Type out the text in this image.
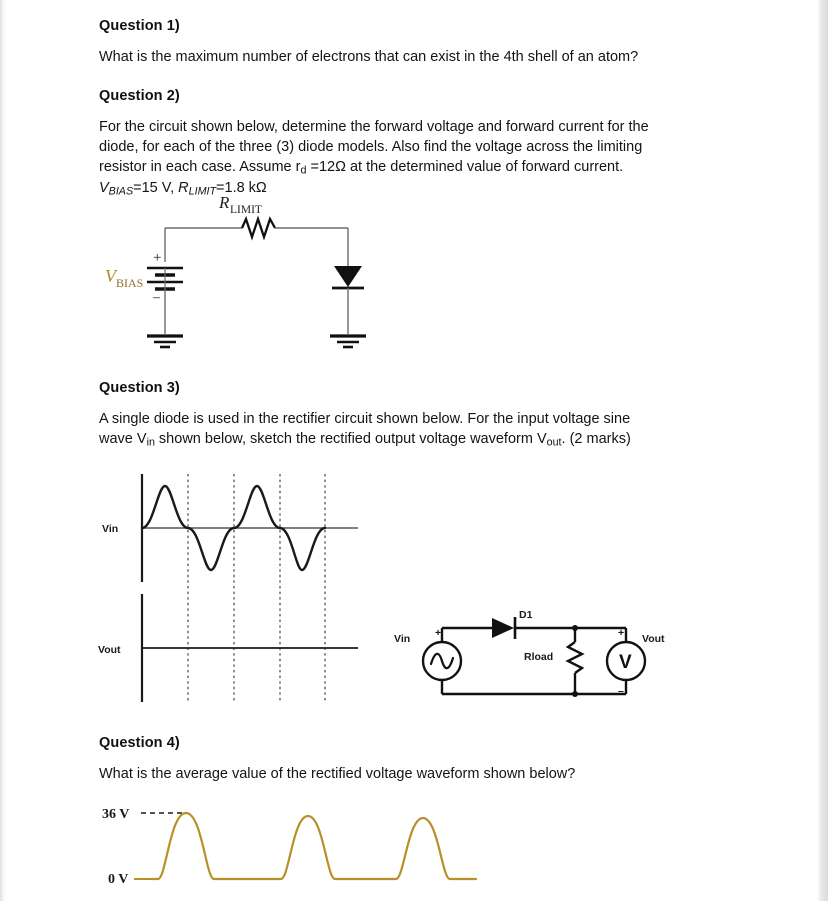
Question 1)
What is the maximum number of electrons that can exist in the 4th shell of an atom?
Question 2)
For the circuit shown below, determine the forward voltage and forward current for the
diode, for each of the three (3) diode models. Also find the voltage across the limiting
resistor in each case. Assume $r_d =12\Omega$ at the determined value of forward current.
$V_{BIAS}=15$ V, $R_{LIMIT}=1.8$ kΩ
R LIMIT
+
–
V BIAS
Question 3)
A single diode is used in the rectifier circuit shown below. For the input voltage sine
wave $V_{in}$ shown below, sketch the rectified output voltage waveform $V_{out}$. (2 marks)
Vin
Vout
Vin +
D1
Rload	V
+
–
Vout
Question 4)
What is the average value of the rectified voltage waveform shown below?
36 V
0 V
